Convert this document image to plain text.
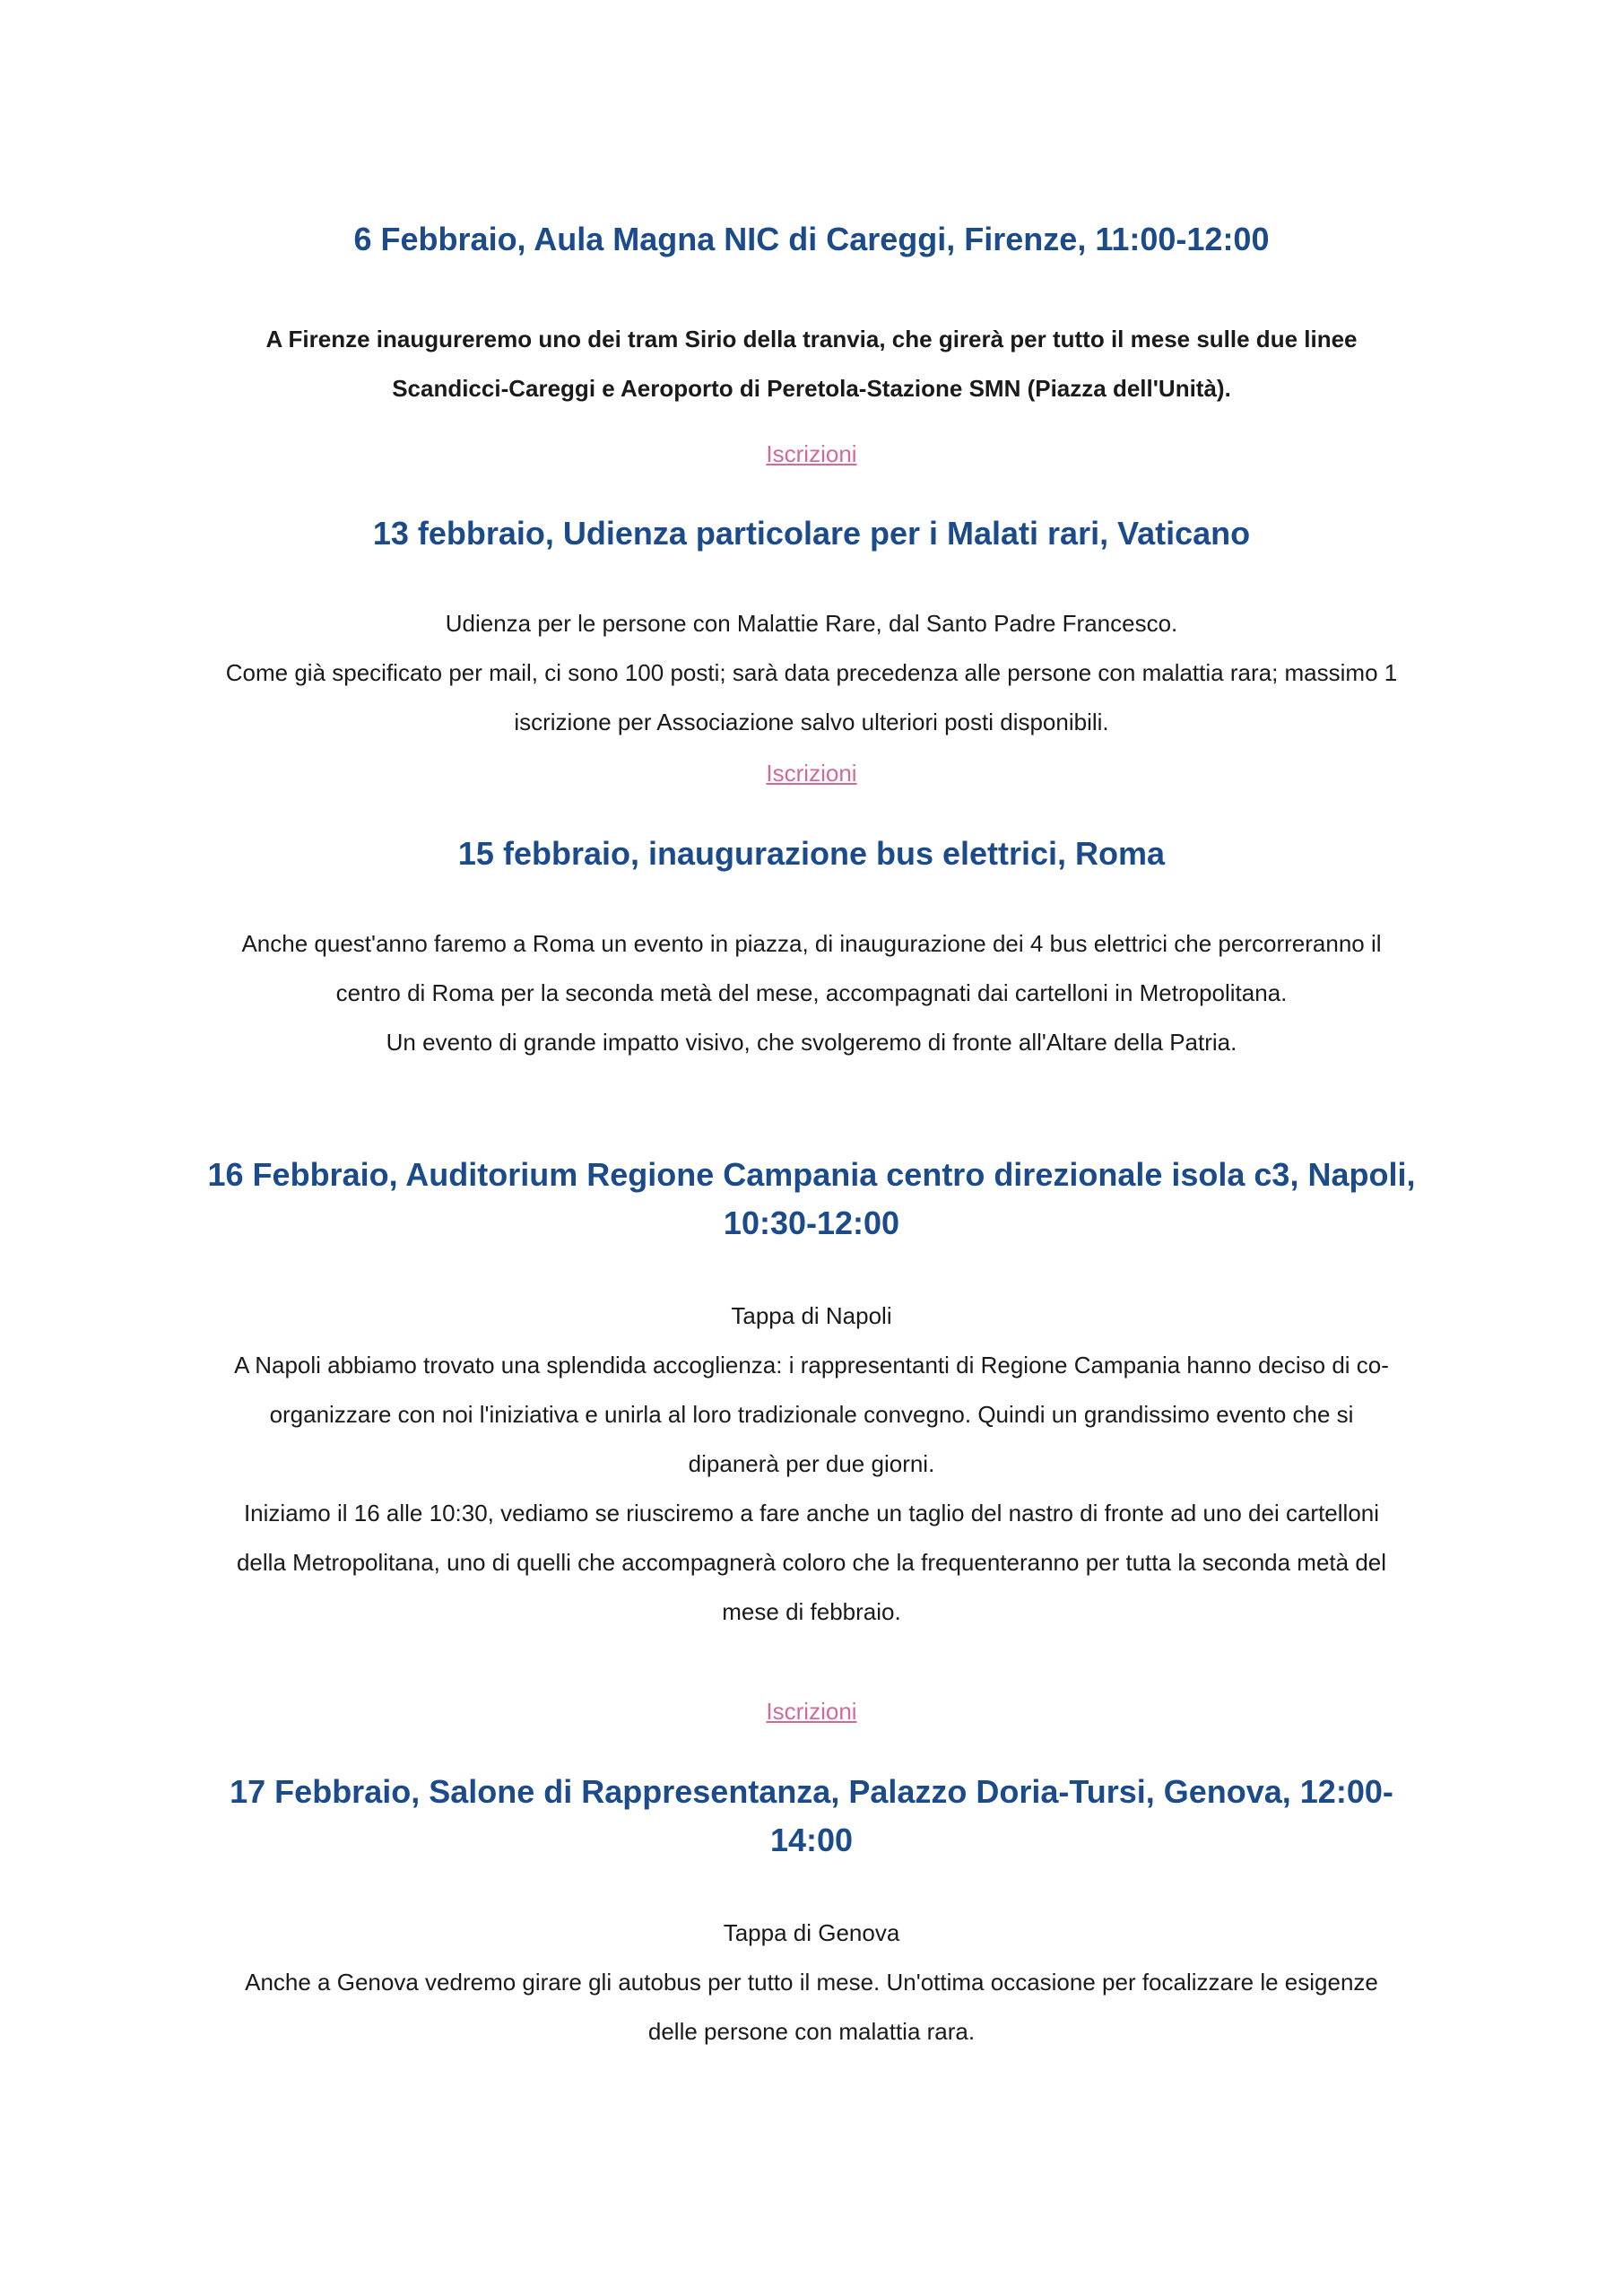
6 Febbraio, Aula Magna NIC di Careggi, Firenze, 11:00-12:00

A Firenze inaugureremo uno dei tram Sirio della tranvia, che girerà per tutto il mese sulle due linee

Scandicci-Careggi e Aeroporto di Peretola-Stazione SMN (Piazza dell'Unità).

Iscrizioni
13 febbraio, Udienza particolare per i Malati rari, Vaticano

Udienza per le persone con Malattie Rare, dal Santo Padre Francesco.

Come già specificato per mail, ci sono 100 posti; sarà data precedenza alle persone con malattia rara; massimo 1

iscrizione per Associazione salvo ulteriori posti disponibili.

Iscrizioni
15 febbraio, inaugurazione bus elettrici, Roma

Anche quest'anno faremo a Roma un evento in piazza, di inaugurazione dei 4 bus elettrici che percorreranno il

centro di Roma per la seconda metà del mese, accompagnati dai cartelloni in Metropolitana.

Un evento di grande impatto visivo, che svolgeremo di fronte all'Altare della Patria.

16 Febbraio, Auditorium Regione Campania centro direzionale isola c3, Napoli,
10:30-12:00

Tappa di Napoli

A Napoli abbiamo trovato una splendida accoglienza: i rappresentanti di Regione Campania hanno deciso di co-

organizzare con noi l'iniziativa e unirla al loro tradizionale convegno. Quindi un grandissimo evento che si

dipanerà per due giorni.

Iniziamo il 16 alle 10:30, vediamo se riusciremo a fare anche un taglio del nastro di fronte ad uno dei cartelloni

della Metropolitana, uno di quelli che accompagnerà coloro che la frequenteranno per tutta la seconda metà del

mese di febbraio.

Iscrizioni
17 Febbraio, Salone di Rappresentanza, Palazzo Doria-Tursi, Genova, 12:00-
14:00

Tappa di Genova

Anche a Genova vedremo girare gli autobus per tutto il mese. Un'ottima occasione per focalizzare le esigenze

delle persone con malattia rara.
